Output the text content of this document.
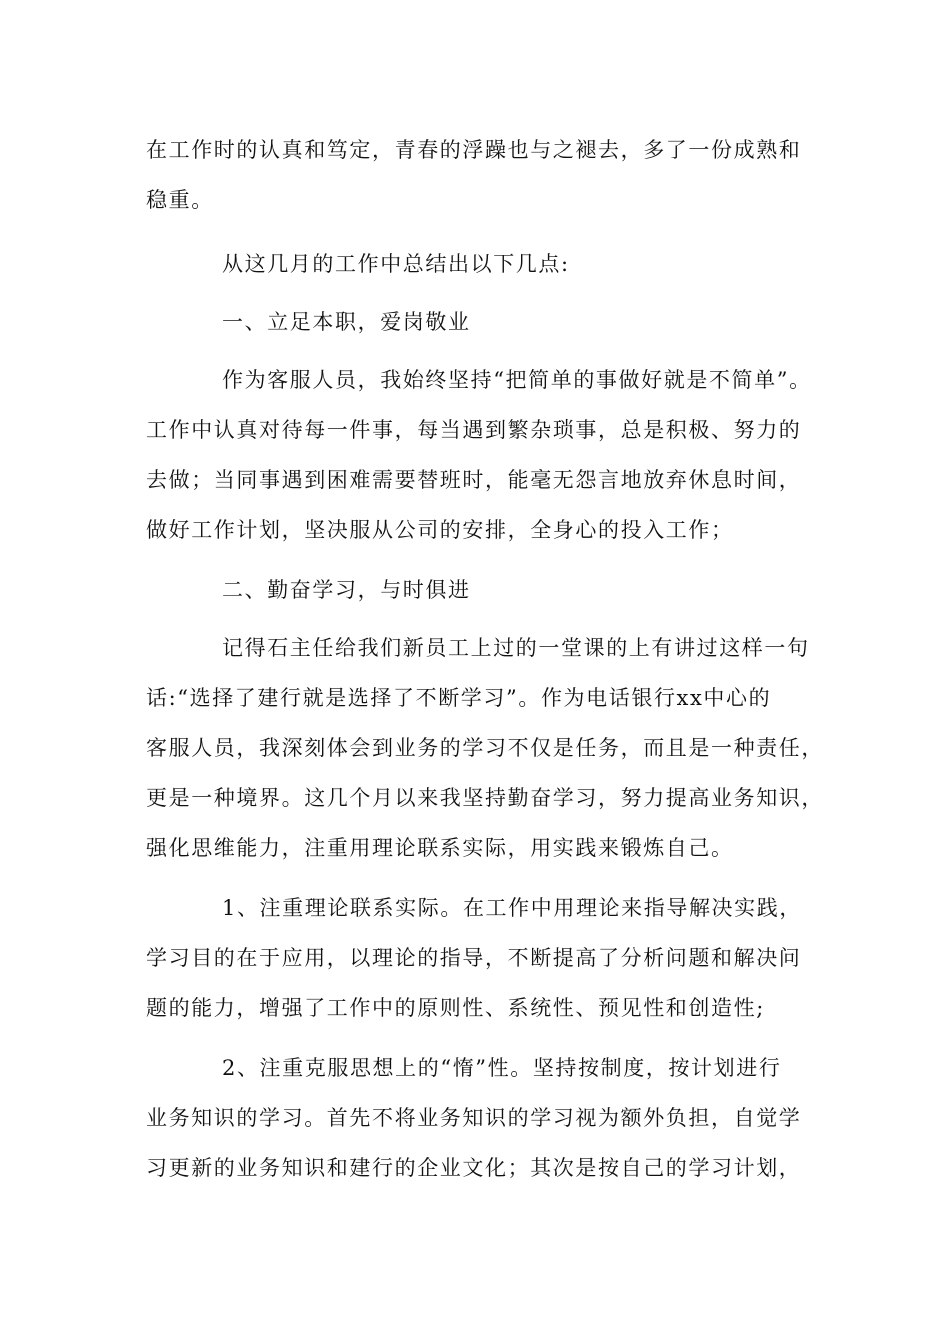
在工作时的认真和笃定，青春的浮躁也与之褪去，多了一份成熟和
稳重。
从这几月的工作中总结出以下几点:
一、立足本职，爱岗敬业
作为客服人员，我始终坚持“把简单的事做好就是不简单”。
工作中认真对待每一件事，每当遇到繁杂琐事，总是积极、努力的
去做；当同事遇到困难需要替班时，能毫无怨言地放弃休息时间，
做好工作计划，坚决服从公司的安排，全身心的投入工作；
二、勤奋学习，与时俱进
记得石主任给我们新员工上过的一堂课的上有讲过这样一句
话:“选择了建行就是选择了不断学习”。作为电话银行xx中心的
客服人员，我深刻体会到业务的学习不仅是任务，而且是一种责任，
更是一种境界。这几个月以来我坚持勤奋学习，努力提高业务知识，
强化思维能力，注重用理论联系实际，用实践来锻炼自己。
1、注重理论联系实际。在工作中用理论来指导解决实践，
学习目的在于应用，以理论的指导，不断提高了分析问题和解决问
题的能力，增强了工作中的原则性、系统性、预见性和创造性;
2、注重克服思想上的“惰”性。坚持按制度，按计划进行
业务知识的学习。首先不将业务知识的学习视为额外负担，自觉学
习更新的业务知识和建行的企业文化；其次是按自己的学习计划，
